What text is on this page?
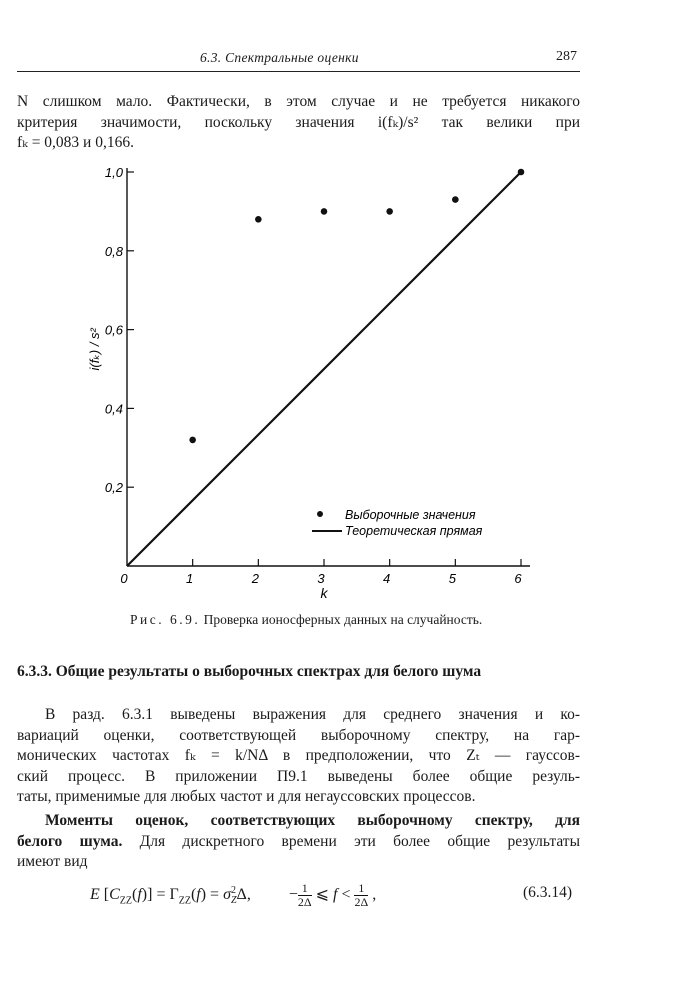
6.3. Спектральные оценки	287
N слишком мало. Фактически, в этом случае и не требуется никакого
критерия значимости, поскольку значения i(fₖ)/s² так велики при
fₖ = 0,083 и 0,166.
0	1	2	3	4	5	6
0,2
0,4
0,6
0,8
1,0
k
i(fₖ) / s²
Выборочные значения
Теоретическая прямая
Рис. 6.9. Проверка ионосферных данных на случайность.
6.3.3. Общие результаты о выборочных спектрах для белого шума
В разд. 6.3.1 выведены выражения для среднего значения и ко-
вариаций оценки, соответствующей выборочному спектру, на гар-
монических частотах fₖ = k/NΔ в предположении, что Zₜ — гауссов-
ский процесс. В приложении П9.1 выведены более общие резуль-
таты, применимые для любых частот и для негауссовских процессов.
Моменты оценок, соответствующих выборочному спектру, для
белого шума. Для дискретного времени эти более общие результаты
имеют вид
E $[C_{ZZ}(f)] = \Gamma_{ZZ}(f) = \sigma^2_Z\Delta$, − $\frac{1}{2\Delta}$ ⩽ $f < \frac{1}{2\Delta}$ ,	(6.3.14)
